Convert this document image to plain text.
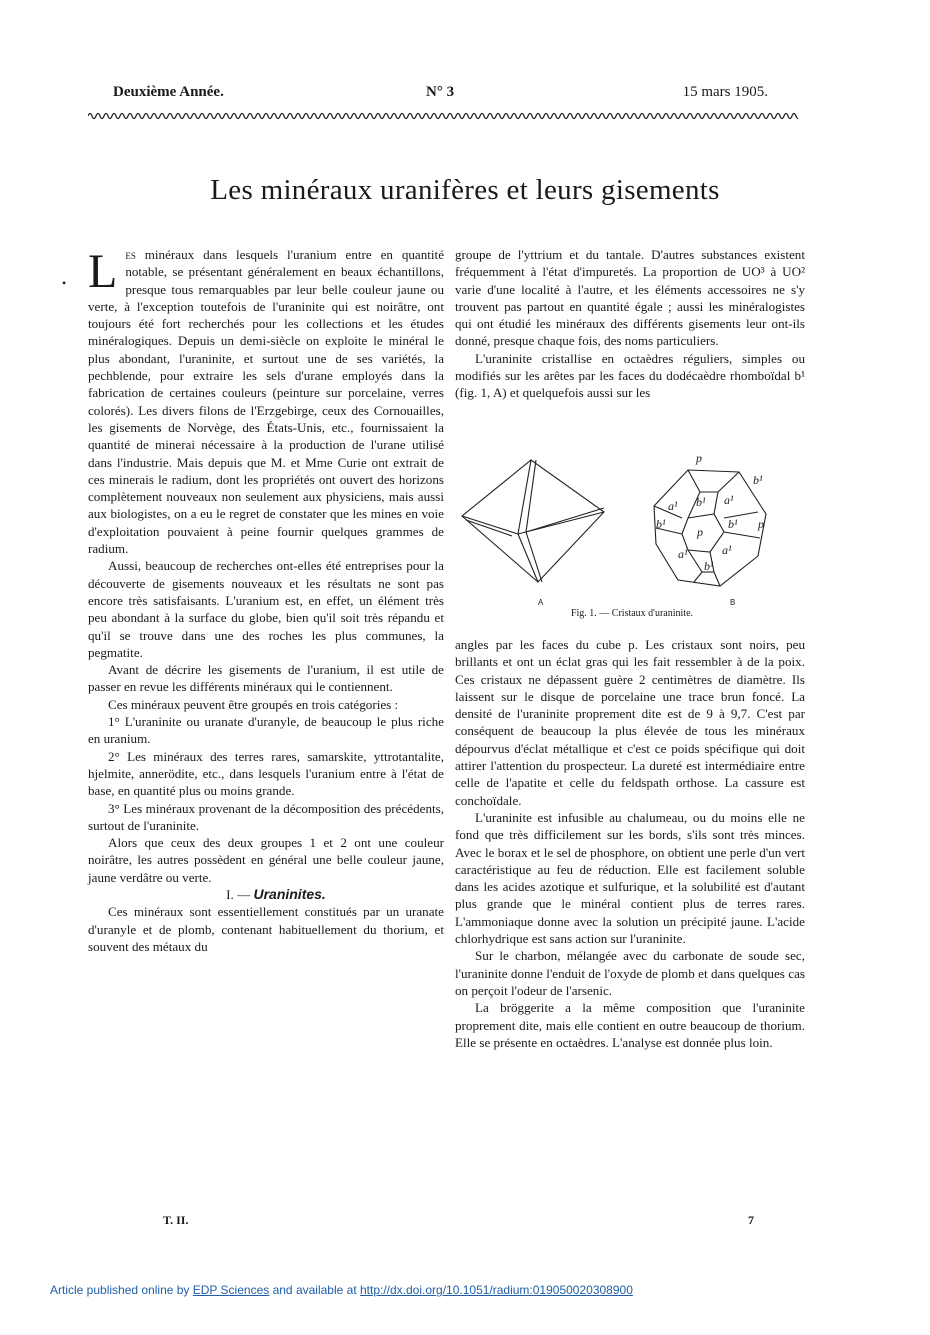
Deuxième Année.	N° 3	15 mars 1905.
Les minéraux uranifères et leurs gisements
• Les minéraux dans lesquels l'uranium entre en quantité notable, se présentant généralement en beaux échantillons, presque tous remarquables par leur belle couleur jaune ou verte, à l'exception toutefois de l'uraninite qui est noirâtre, ont toujours été fort recherchés pour les collections et les études minéralogiques. Depuis un demi-siècle on exploite le minéral le plus abondant, l'uraninite, et surtout une de ses variétés, la pechblende, pour extraire les sels d'urane employés dans la fabrication de certaines couleurs (peinture sur porcelaine, verres colorés). Les divers filons de l'Erzgebirge, ceux des Cornouailles, les gisements de Norvège, des États-Unis, etc., fournissaient la quantité de minerai nécessaire à la production de l'urane utilisé dans l'industrie. Mais depuis que M. et Mme Curie ont extrait de ces minerais le radium, dont les propriétés ont ouvert des horizons complètement nouveaux non seulement aux physiciens, mais aussi aux biologistes, on a eu le regret de constater que les mines en voie d'exploitation pouvaient à peine fournir quelques grammes de radium.

Aussi, beaucoup de recherches ont-elles été entreprises pour la découverte de gisements nouveaux et les résultats ne sont pas encore très satisfaisants. L'uranium est, en effet, un élément très peu abondant à la surface du globe, bien qu'il soit très répandu et qu'il se trouve dans une des roches les plus communes, la pegmatite.

Avant de décrire les gisements de l'uranium, il est utile de passer en revue les différents minéraux qui le contiennent.

Ces minéraux peuvent être groupés en trois catégories :

1° L'uraninite ou uranate d'uranyle, de beaucoup le plus riche en uranium.

2° Les minéraux des terres rares, samarskite, yttrotantalite, hjelmite, annerödite, etc., dans lesquels l'uranium entre à l'état de base, en quantité plus ou moins grande.

3° Les minéraux provenant de la décomposition des précédents, surtout de l'uraninite.

Alors que ceux des deux groupes 1 et 2 ont une couleur noirâtre, les autres possèdent en général une belle couleur jaune, jaune verdâtre ou verte.

I. — Uraninites.

Ces minéraux sont essentiellement constitués par un uranate d'uranyle et de plomb, contenant habituellement du thorium, et souvent des métaux du

groupe de l'yttrium et du tantale. D'autres substances existent fréquemment à l'état d'impuretés. La proportion de UO³ à UO² varie d'une localité à l'autre, et les éléments accessoires ne s'y trouvent pas partout en quantité égale ; aussi les minéralogistes qui ont étudié les minéraux des différents gisements leur ont-ils donné, presque chaque fois, des noms particuliers.

L'uraninite cristallise en octaèdres réguliers, simples ou modifiés sur les arêtes par les faces du dodécaèdre rhomboïdal b¹ (fig. 1, A) et quelquefois aussi sur les

p
b¹
a¹ b¹ a¹
b¹
p
b¹ p
a¹	a¹
b¹
A	B
Fig. 1. — Cristaux d'uraninite.

angles par les faces du cube p. Les cristaux sont noirs, peu brillants et ont un éclat gras qui les fait ressembler à de la poix. Ces cristaux ne dépassent guère 2 centimètres de diamètre. Ils laissent sur le disque de porcelaine une trace brun foncé. La densité de l'uraninite proprement dite est de 9 à 9,7. C'est par conséquent de beaucoup la plus élevée de tous les minéraux dépourvus d'éclat métallique et c'est ce poids spécifique qui doit attirer l'attention du prospecteur. La dureté est intermédiaire entre celle de l'apatite et celle du feldspath orthose. La cassure est conchoïdale.

L'uraninite est infusible au chalumeau, ou du moins elle ne fond que très difficilement sur les bords, s'ils sont très minces. Avec le borax et le sel de phosphore, on obtient une perle d'un vert caractéristique au feu de réduction. Elle est facilement soluble dans les acides azotique et sulfurique, et la solubilité est d'autant plus grande que le minéral contient plus de terres rares. L'ammoniaque donne avec la solution un précipité jaune. L'acide chlorhydrique est sans action sur l'uraninite.

Sur le charbon, mélangée avec du carbonate de soude sec, l'uraninite donne l'enduit de l'oxyde de plomb et dans quelques cas on perçoit l'odeur de l'arsenic.

La bröggerite a la même composition que l'uraninite proprement dite, mais elle contient en outre beaucoup de thorium. Elle se présente en octaèdres. L'analyse est donnée plus loin.

T. II.	7
Article published online by EDP Sciences and available at http://dx.doi.org/10.1051/radium:019050020308900
